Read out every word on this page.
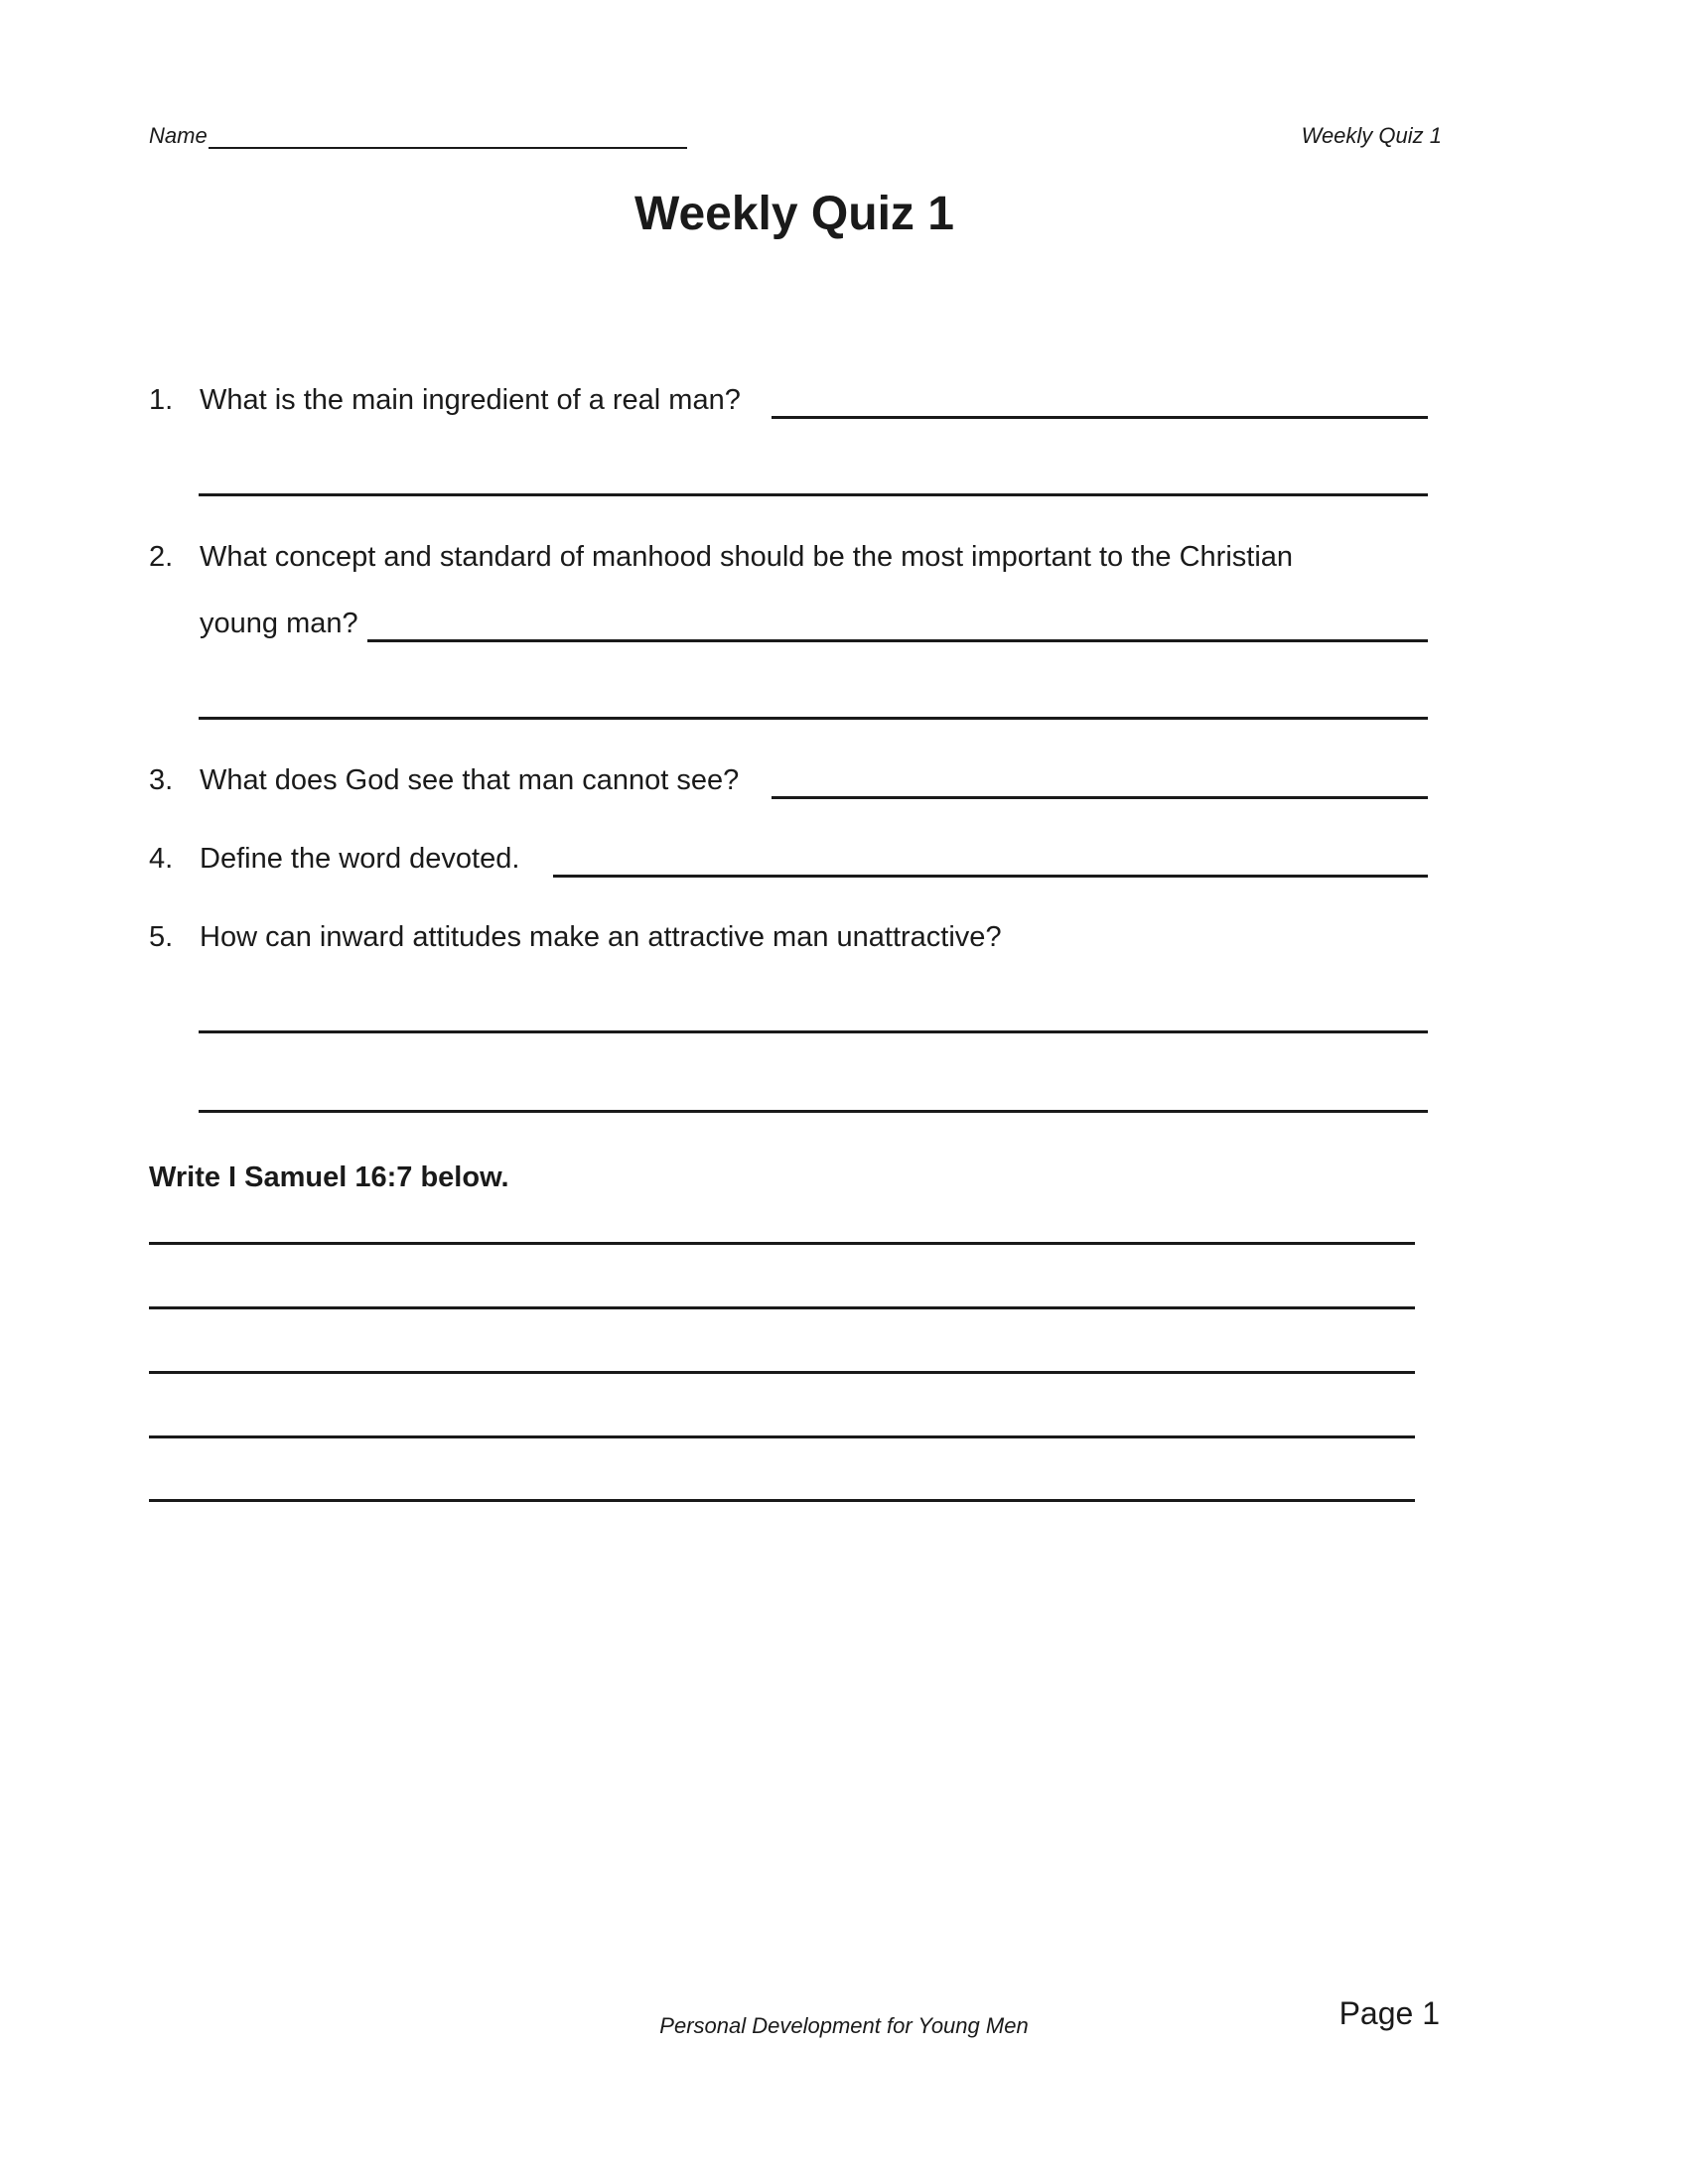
Name	Weekly Quiz 1
Weekly Quiz 1
1. What is the main ingredient of a real man?
2. What concept and standard of manhood should be the most important to the Christian
young man?
3. What does God see that man cannot see?
4. Define the word devoted.
5. How can inward attitudes make an attractive man unattractive?
Write I Samuel 16:7 below.
Personal Development for Young Men	Page 1
